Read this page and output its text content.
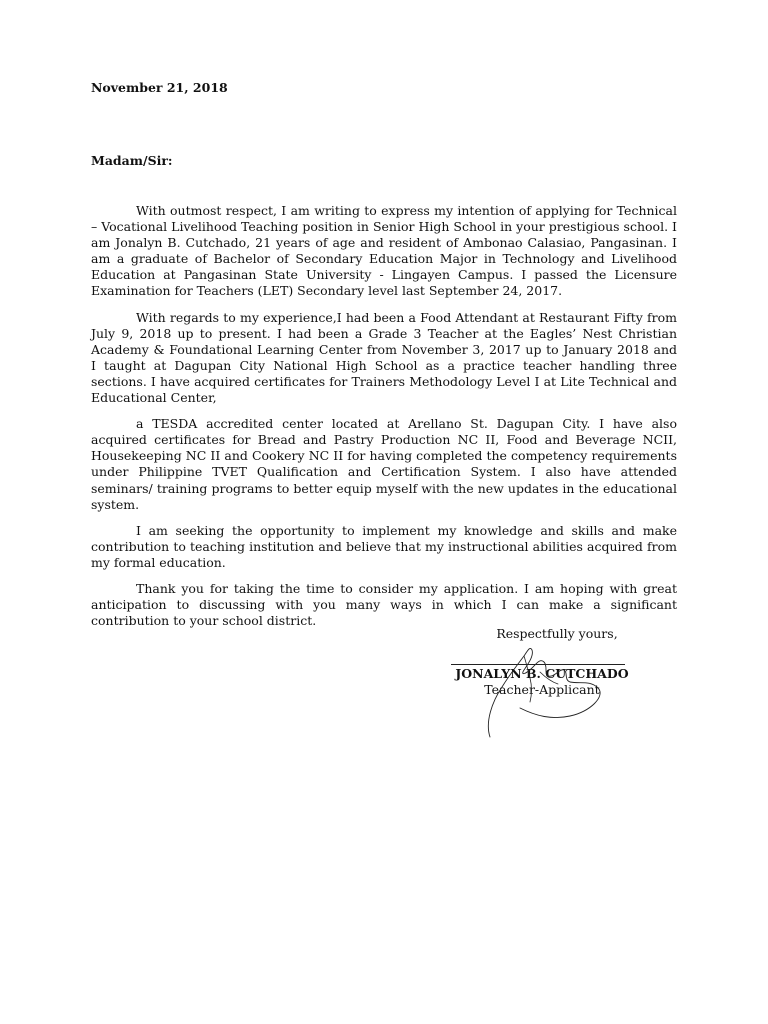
November 21, 2018
Madam/Sir:

With outmost respect, I am writing to express my intention of applying for Technical – Vocational Livelihood Teaching position in Senior High School in your prestigious school. I am Jonalyn B. Cutchado, 21 years of age and resident of Ambonao Calasiao, Pangasinan. I am a graduate of Bachelor of Secondary Education Major in Technology and Livelihood Education at Pangasinan State University - Lingayen Campus. I passed the Licensure Examination for Teachers (LET) Secondary level last September 24, 2017.

With regards to my experience,I had been a Food Attendant at Restaurant Fifty from July 9, 2018 up to present. I had been a Grade 3 Teacher at the Eagles’ Nest Christian Academy & Foundational Learning Center from November 3, 2017 up to January 2018 and I taught at Dagupan City National High School as a practice teacher handling three sections. I have acquired certificates for Trainers Methodology Level I at Lite Technical and Educational Center,

a TESDA accredited center located at Arellano St. Dagupan City. I have also acquired certificates for Bread and Pastry Production NC II, Food and Beverage NCII, Housekeeping NC II and Cookery NC II for having completed the competency requirements under Philippine TVET Qualification and Certification System. I also have attended seminars/ training programs to better equip myself with the new updates in the educational system.

I am seeking the opportunity to implement my knowledge and skills and make contribution to teaching institution and believe that my instructional abilities acquired from my formal education.

Thank you for taking the time to consider my application. I am hoping with great anticipation to discussing with you many ways in which I can make a significant contribution to your school district.

Respectfully yours,
JONALYN B. CUTCHADO
Teacher-Applicant
